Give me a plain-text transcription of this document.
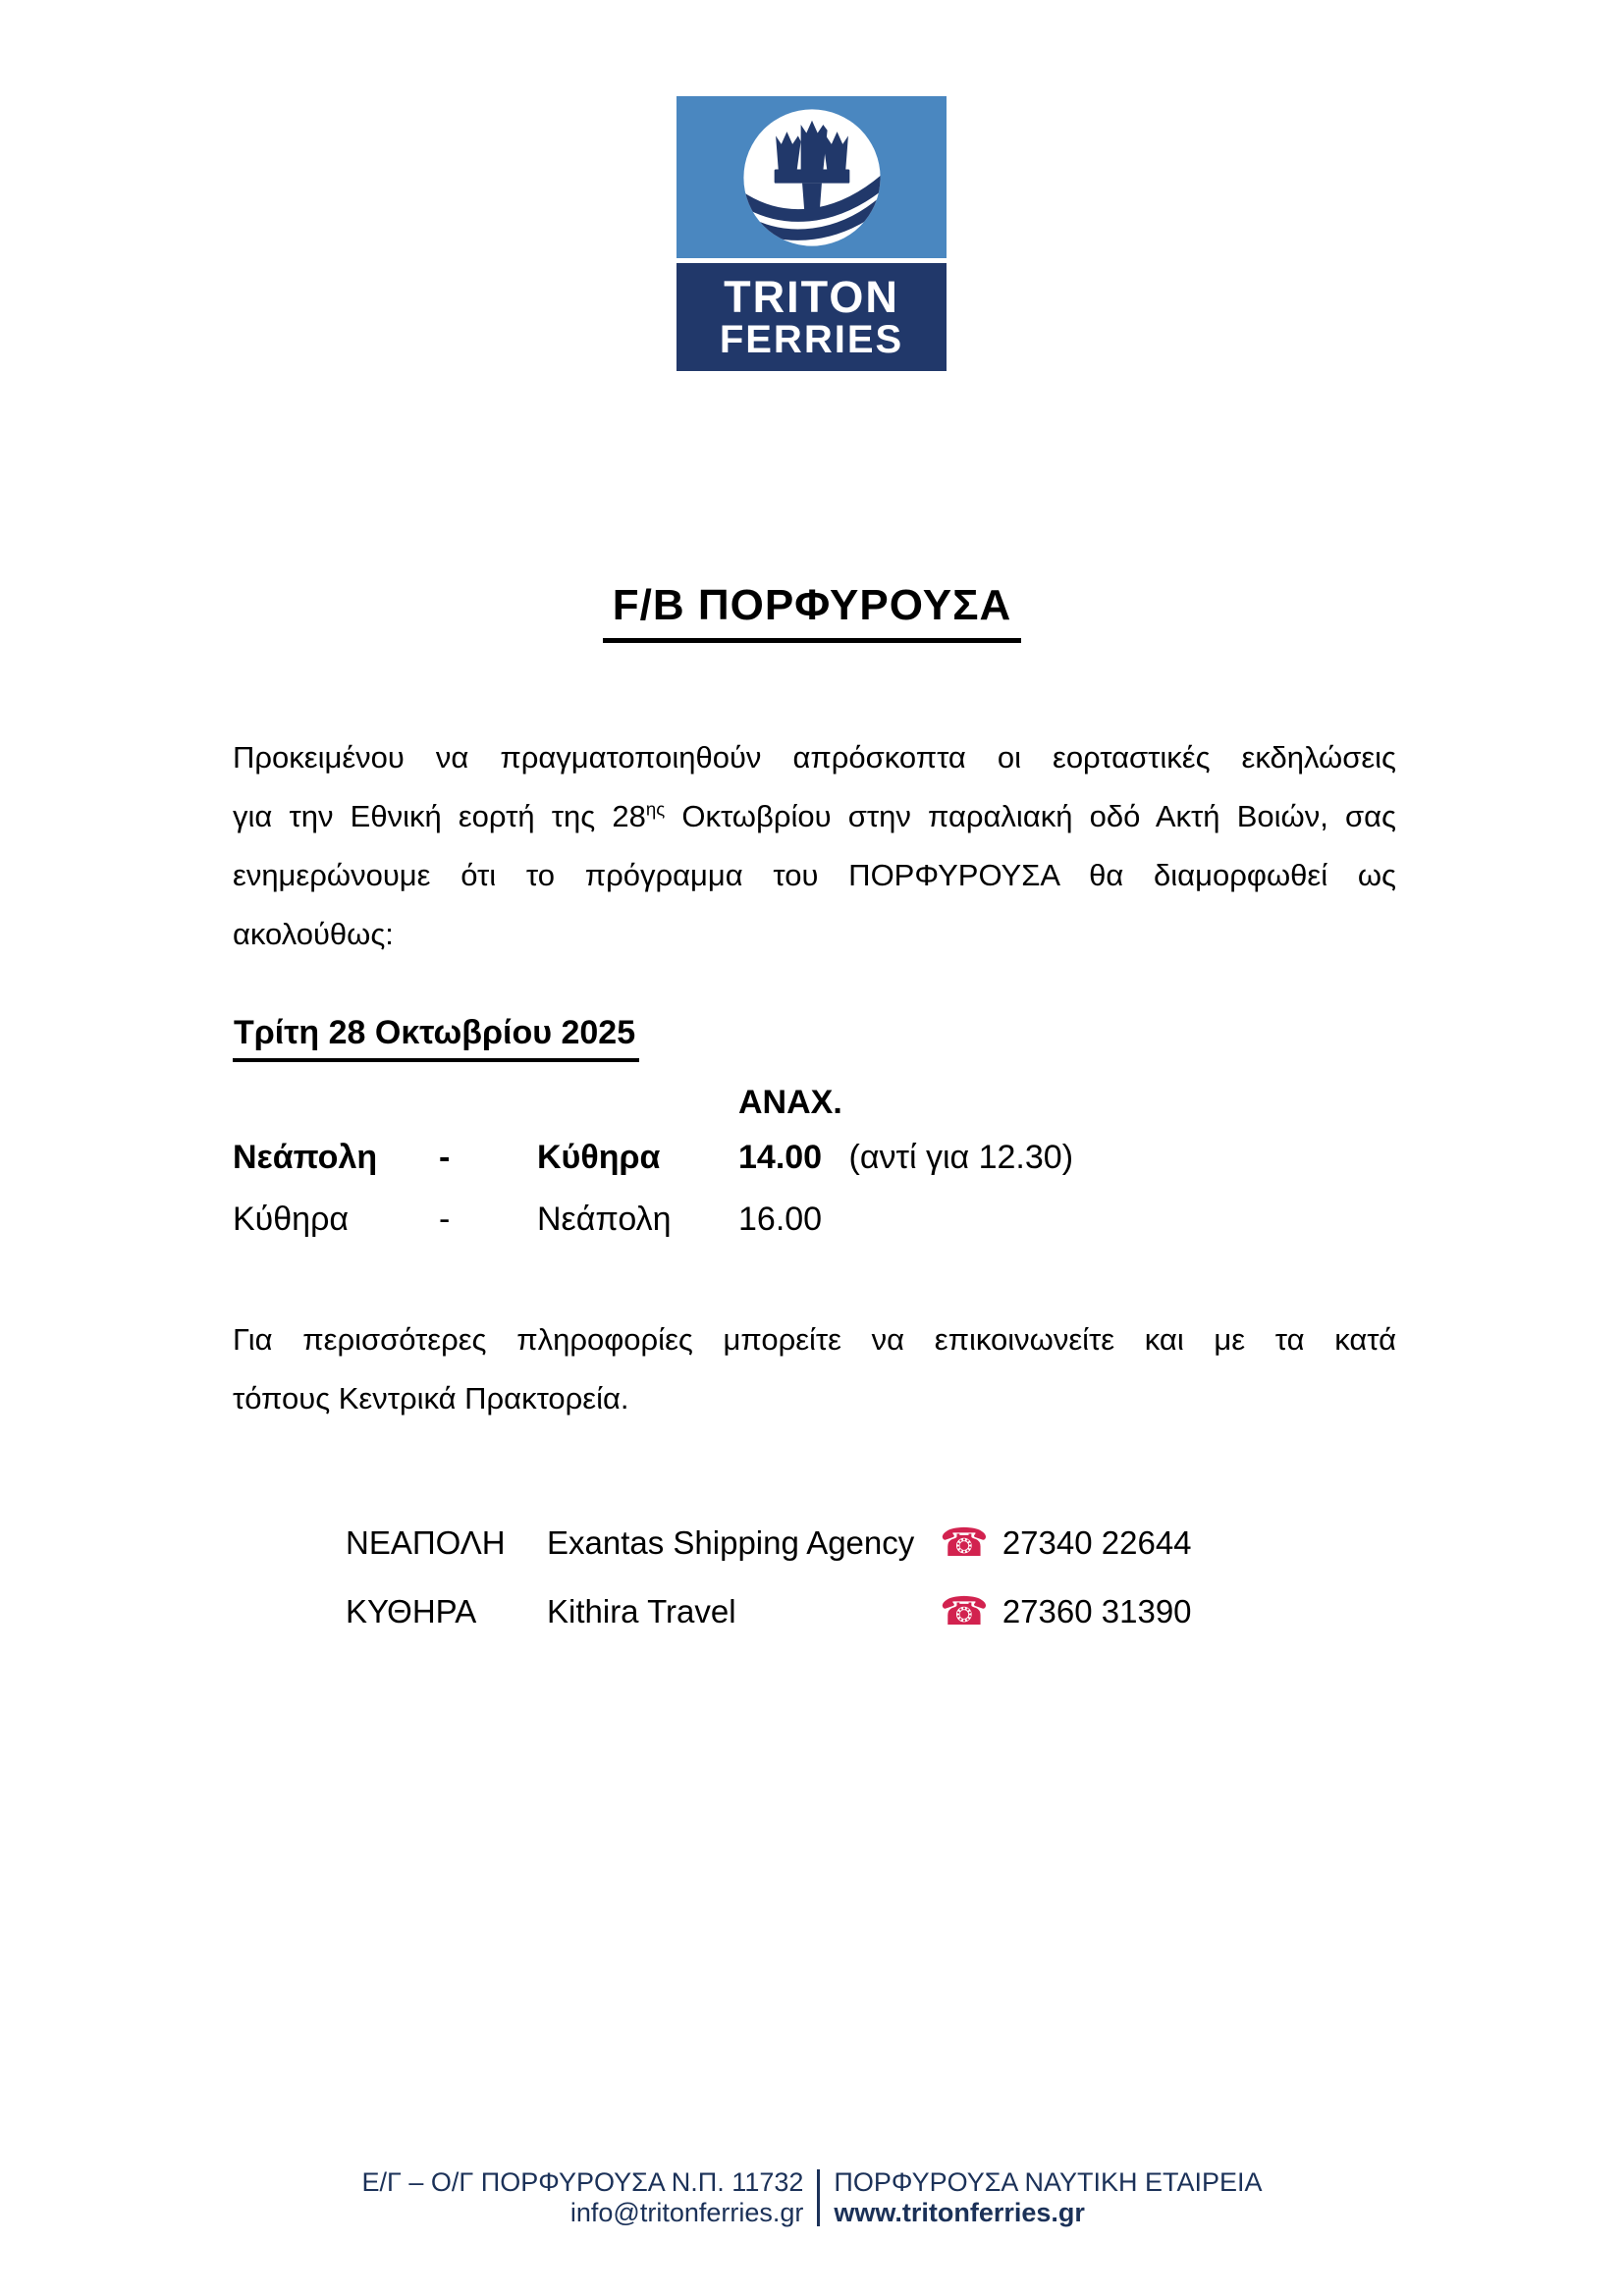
TRITON
FERRIES
F/B ΠΟΡΦΥΡΟΥΣΑ
Προκειμένου να πραγματοποιηθούν απρόσκοπτα οι εορταστικές εκδηλώσεις
για την Εθνική εορτή της $28^{\eta\varsigma}$ Οκτωβρίου στην παραλιακή οδό Ακτή Βοιών, σας
ενημερώνουμε ότι το πρόγραμμα του ΠΟΡΦΥΡΟΥΣΑ θα διαμορφωθεί ως
ακολούθως:
Τρίτη 28 Οκτωβρίου 2025
ΑΝΑΧ.
Νεάπολη	-	Κύθηρα	14.00 (αντί για 12.30)
Κύθηρα	-	Νεάπολη	16.00
Για περισσότερες πληροφορίες μπορείτε να επικοινωνείτε και με τα κατά
τόπους Κεντρικά Πρακτορεία.
ΝΕΑΠΟΛΗ	Exantas Shipping Agency ☎ 27340 22644
ΚΥΘΗΡΑ	Kithira Travel	☎ 27360 31390
Ε/Γ – Ο/Γ ΠΟΡΦΥΡΟΥΣΑ Ν.Π. 11732
info@tritonferries.gr
ΠΟΡΦΥΡΟΥΣΑ ΝΑΥΤΙΚΗ ΕΤΑΙΡΕΙΑ
www.tritonferries.gr
